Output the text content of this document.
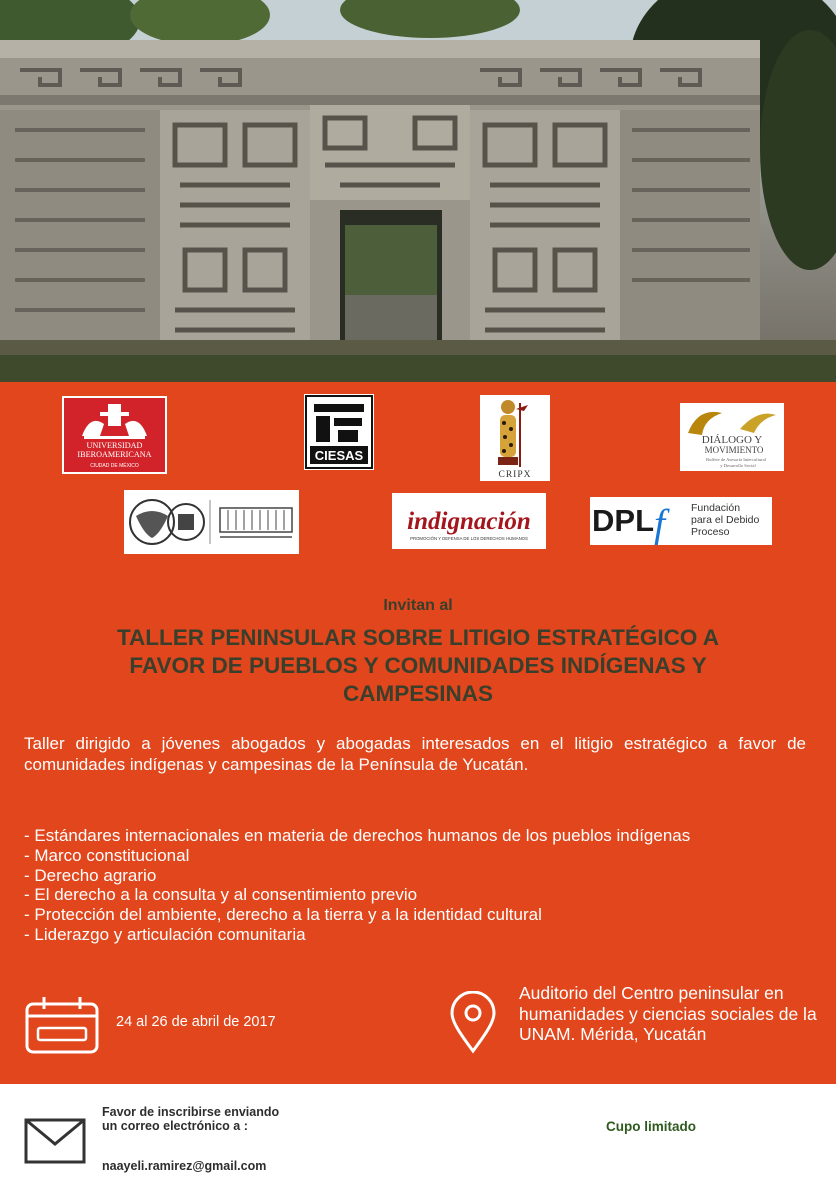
UNIVERSIDAD
IBEROAMERICANA
CIUDAD DE MÉXICO
CIESAS
CRIPX
DIÁLOGO Y
MOVIMIENTO
Buffete de Asesoría Intercultural
y Desarrollo Social
indignación
PROMOCIÓN Y DEFENSA DE LOS DERECHOS HUMANOS
DPL f	Fundación
para el Debido
Proceso
Invitan al
TALLER PENINSULAR SOBRE LITIGIO ESTRATÉGICO A
FAVOR DE PUEBLOS Y COMUNIDADES INDÍGENAS Y
CAMPESINAS

Taller dirigido a jóvenes abogados y abogadas interesados en el litigio estratégico a favor de comunidades indígenas y campesinas de la Península de Yucatán.

- Estándares internacionales en materia de derechos humanos de los pueblos indígenas
- Marco constitucional
- Derecho agrario
- El derecho a la consulta y al consentimiento previo
- Protección del ambiente, derecho a la tierra y a la identidad cultural
- Liderazgo y articulación comunitaria
24 al 26 de abril de 2017
Auditorio del Centro peninsular en humanidades y ciencias sociales de la UNAM. Mérida, Yucatán
Favor de inscribirse enviando un correo electrónico a :
naayeli.ramirez@gmail.com
Cupo limitado
